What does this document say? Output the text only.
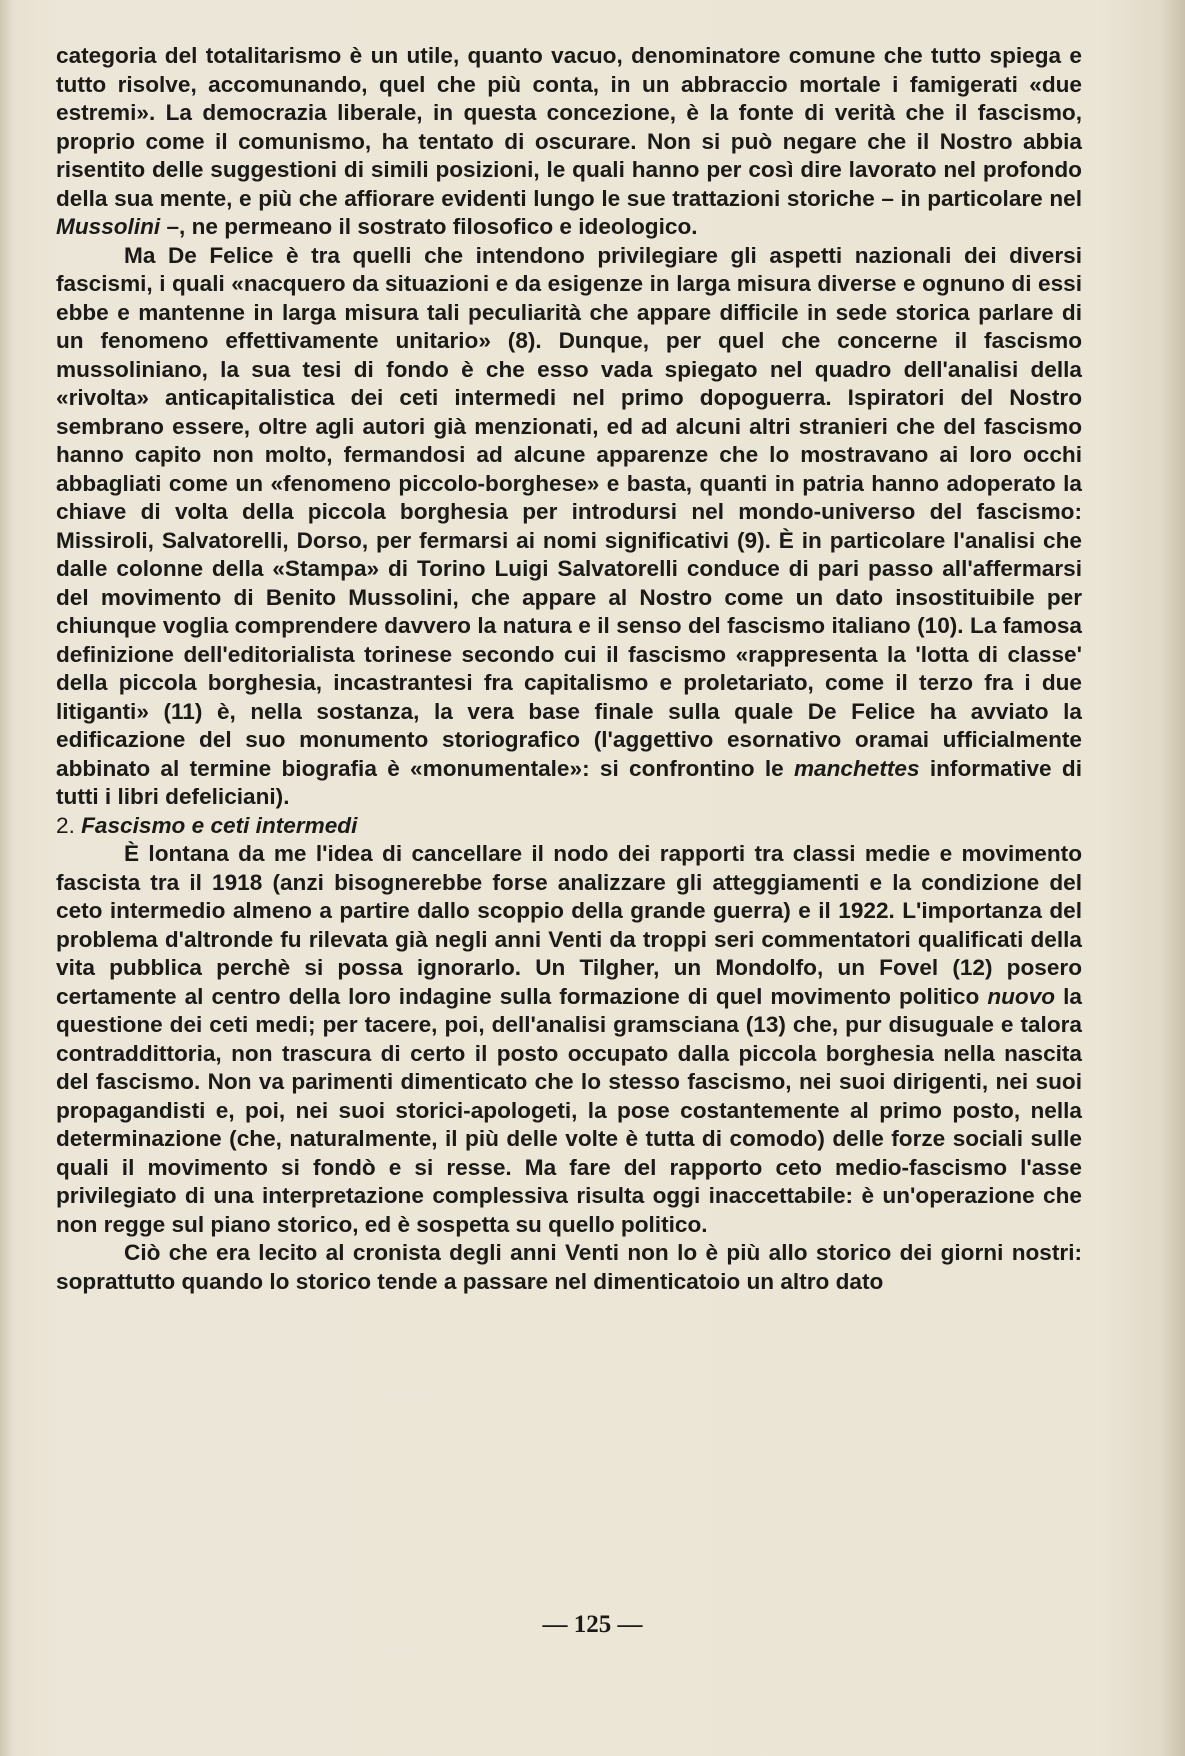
categoria del totalitarismo è un utile, quanto vacuo, denominatore comune che tutto spiega e tutto risolve, accomunando, quel che più conta, in un abbraccio mortale i famigerati «due estremi». La democrazia liberale, in questa concezione, è la fonte di verità che il fascismo, proprio come il comunismo, ha tentato di oscurare. Non si può negare che il Nostro abbia risentito delle suggestioni di simili posizioni, le quali hanno per così dire lavorato nel profondo della sua mente, e più che affiorare evidenti lungo le sue trattazioni storiche – in particolare nel Mussolini –, ne permeano il sostrato filosofico e ideologico.

Ma De Felice è tra quelli che intendono privilegiare gli aspetti nazionali dei diversi fascismi, i quali «nacquero da situazioni e da esigenze in larga misura diverse e ognuno di essi ebbe e mantenne in larga misura tali peculiarità che appare difficile in sede storica parlare di un fenomeno effettivamente unitario» (8). Dunque, per quel che concerne il fascismo mussoliniano, la sua tesi di fondo è che esso vada spiegato nel quadro dell'analisi della «rivolta» anticapitalistica dei ceti intermedi nel primo dopoguerra. Ispiratori del Nostro sembrano essere, oltre agli autori già menzionati, ed ad alcuni altri stranieri che del fascismo hanno capito non molto, fermandosi ad alcune apparenze che lo mostravano ai loro occhi abbagliati come un «fenomeno piccolo-borghese» e basta, quanti in patria hanno adoperato la chiave di volta della piccola borghesia per introdursi nel mondo-universo del fascismo: Missiroli, Salvatorelli, Dorso, per fermarsi ai nomi significativi (9). È in particolare l'analisi che dalle colonne della «Stampa» di Torino Luigi Salvatorelli conduce di pari passo all'affermarsi del movimento di Benito Mussolini, che appare al Nostro come un dato insostituibile per chiunque voglia comprendere davvero la natura e il senso del fascismo italiano (10). La famosa definizione dell'editorialista torinese secondo cui il fascismo «rappresenta la 'lotta di classe' della piccola borghesia, incastrantesi fra capitalismo e proletariato, come il terzo fra i due litiganti» (11) è, nella sostanza, la vera base finale sulla quale De Felice ha avviato la edificazione del suo monumento storiografico (l'aggettivo esornativo oramai ufficialmente abbinato al termine biografia è «monumentale»: si confrontino le manchettes informative di tutti i libri defeliciani).

2. Fascismo e ceti intermedi

È lontana da me l'idea di cancellare il nodo dei rapporti tra classi medie e movimento fascista tra il 1918 (anzi bisognerebbe forse analizzare gli atteggiamenti e la condizione del ceto intermedio almeno a partire dallo scoppio della grande guerra) e il 1922. L'importanza del problema d'altronde fu rilevata già negli anni Venti da troppi seri commentatori qualificati della vita pubblica perchè si possa ignorarlo. Un Tilgher, un Mondolfo, un Fovel (12) posero certamente al centro della loro indagine sulla formazione di quel movimento politico nuovo la questione dei ceti medi; per tacere, poi, dell'analisi gramsciana (13) che, pur disuguale e talora contraddittoria, non trascura di certo il posto occupato dalla piccola borghesia nella nascita del fascismo. Non va parimenti dimenticato che lo stesso fascismo, nei suoi dirigenti, nei suoi propagandisti e, poi, nei suoi storici-apologeti, la pose costantemente al primo posto, nella determinazione (che, naturalmente, il più delle volte è tutta di comodo) delle forze sociali sulle quali il movimento si fondò e si resse. Ma fare del rapporto ceto medio-fascismo l'asse privilegiato di una interpretazione complessiva risulta oggi inaccettabile: è un'operazione che non regge sul piano storico, ed è sospetta su quello politico.

Ciò che era lecito al cronista degli anni Venti non lo è più allo storico dei giorni nostri: soprattutto quando lo storico tende a passare nel dimenticatoio un altro dato

— 125 —
